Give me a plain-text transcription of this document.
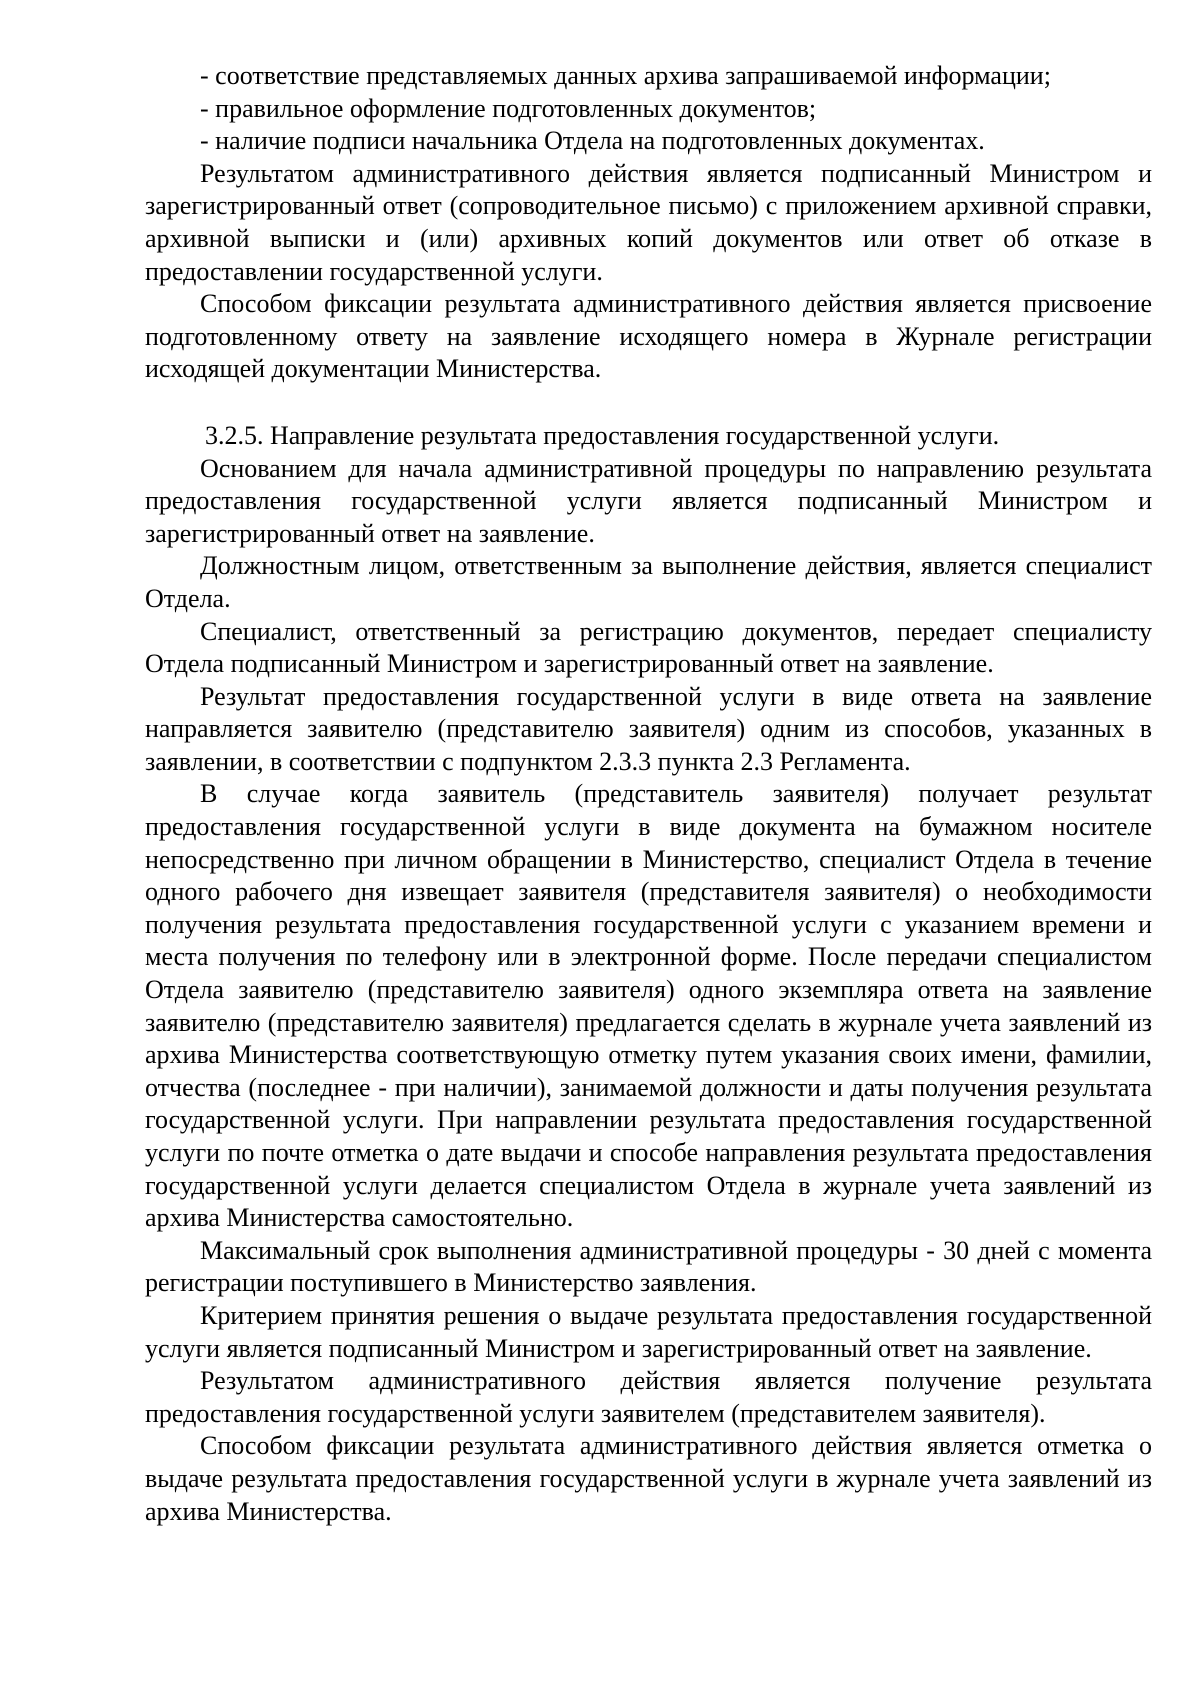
- соответствие представляемых данных архива запрашиваемой информации;

- правильное оформление подготовленных документов;

- наличие подписи начальника Отдела на подготовленных документах.

Результатом административного действия является подписанный Министром и зарегистрированный ответ (сопроводительное письмо) с приложением архивной справки, архивной выписки и (или) архивных копий документов или ответ об отказе в предоставлении государственной услуги.

Способом фиксации результата административного действия является присвоение подготовленному ответу на заявление исходящего номера в Журнале регистрации исходящей документации Министерства.

3.2.5. Направление результата предоставления государственной услуги.

Основанием для начала административной процедуры по направлению результата предоставления государственной услуги является подписанный Министром и зарегистрированный ответ на заявление.

Должностным лицом, ответственным за выполнение действия, является специалист Отдела.

Специалист, ответственный за регистрацию документов, передает специалисту Отдела подписанный Министром и зарегистрированный ответ на заявление.

Результат предоставления государственной услуги в виде ответа на заявление направляется заявителю (представителю заявителя) одним из способов, указанных в заявлении, в соответствии с подпунктом 2.3.3 пункта 2.3 Регламента.

В случае когда заявитель (представитель заявителя) получает результат предоставления государственной услуги в виде документа на бумажном носителе непосредственно при личном обращении в Министерство, специалист Отдела в течение одного рабочего дня извещает заявителя (представителя заявителя) о необходимости получения результата предоставления государственной услуги с указанием времени и места получения по телефону или в электронной форме. После передачи специалистом Отдела заявителю (представителю заявителя) одного экземпляра ответа на заявление заявителю (представителю заявителя) предлагается сделать в журнале учета заявлений из архива Министерства соответствующую отметку путем указания своих имени, фамилии, отчества (последнее - при наличии), занимаемой должности и даты получения результата государственной услуги. При направлении результата предоставления государственной услуги по почте отметка о дате выдачи и способе направления результата предоставления государственной услуги делается специалистом Отдела в журнале учета заявлений из архива Министерства самостоятельно.

Максимальный срок выполнения административной процедуры - 30 дней с момента регистрации поступившего в Министерство заявления.

Критерием принятия решения о выдаче результата предоставления государственной услуги является подписанный Министром и зарегистрированный ответ на заявление.

Результатом административного действия является получение результата предоставления государственной услуги заявителем (представителем заявителя).

Способом фиксации результата административного действия является отметка о выдаче результата предоставления государственной услуги в журнале учета заявлений из архива Министерства.
